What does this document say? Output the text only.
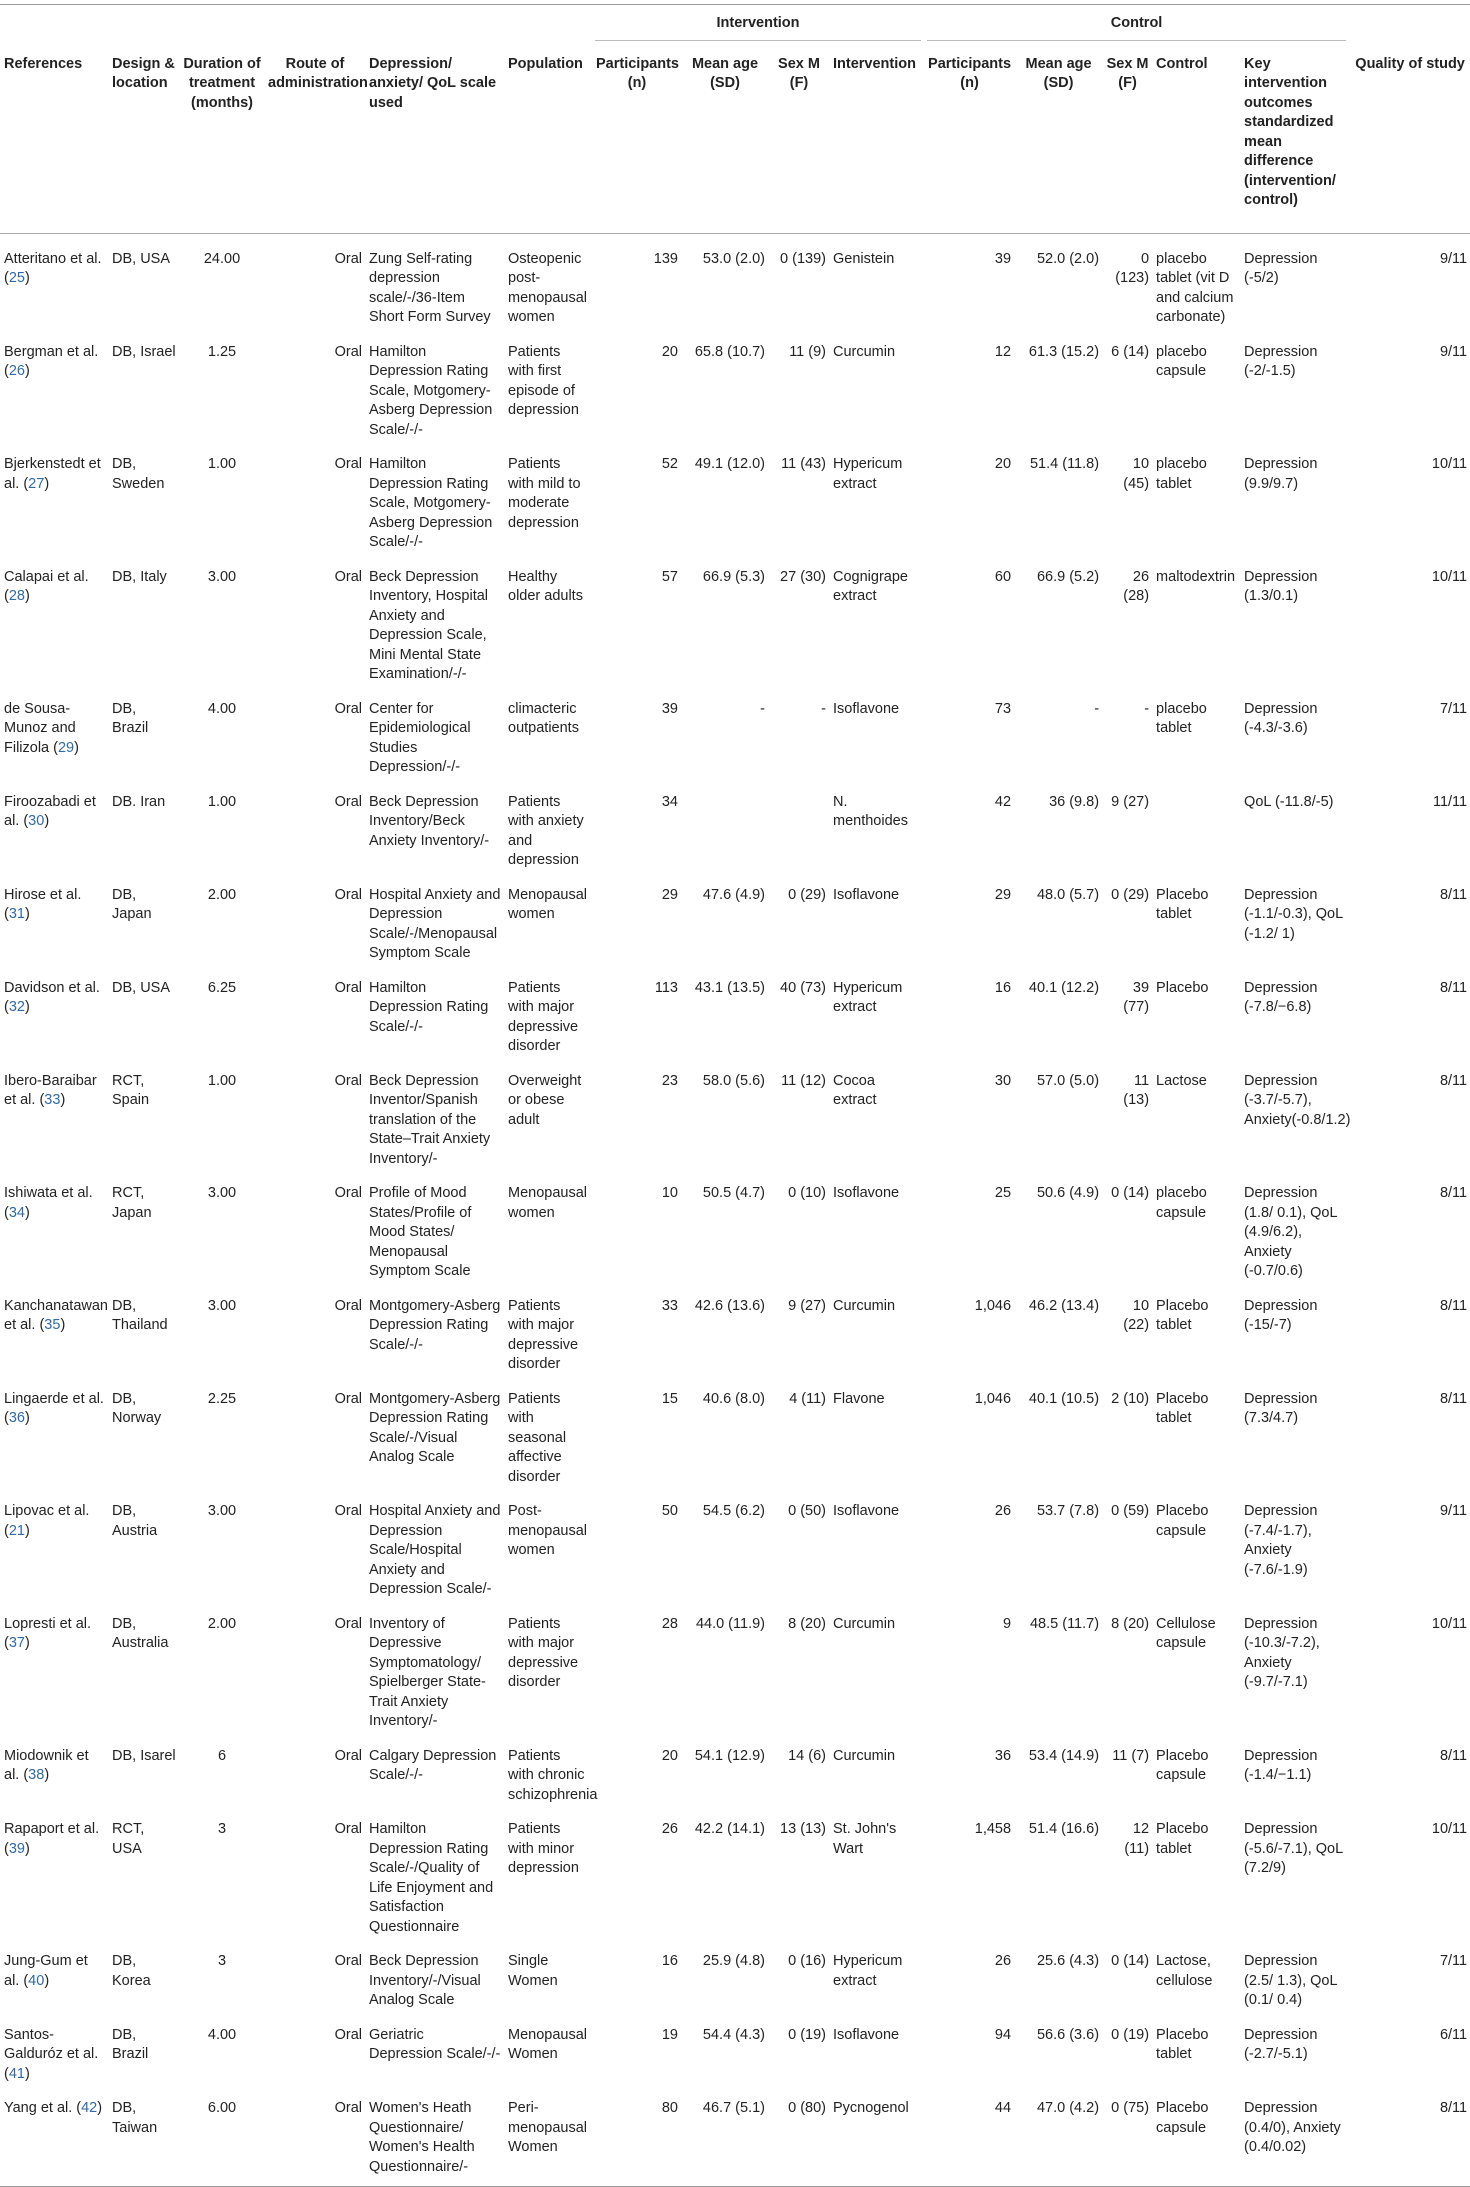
						Intervention				Control					

References	Design & location	Duration of treatment (months)	Route of administration	Depression/ anxiety/ QoL scale used	Population	Participants (n)	Mean age (SD)	Sex M (F)	Intervention	Participants (n)	Mean age (SD)	Sex M (F)	Control	Key intervention outcomes standardized mean difference (intervention/ control)	Quality of study
Atteritano et al. (25)	DB, USA	24.00	Oral	Zung Self-rating depression scale/-/36-Item Short Form Survey	Osteopenic post-menopausal women	139	53.0 (2.0)	0 (139)	Genistein	39	52.0 (2.0)	0 (123)	placebo tablet (vit D and calcium carbonate)	Depression (-5/2)	9/11
Bergman et al. (26)	DB, Israel	1.25	Oral	Hamilton Depression Rating Scale, Motgomery-Asberg Depression Scale/-/-	Patients with first episode of depression	20	65.8 (10.7)	11 (9)	Curcumin	12	61.3 (15.2)	6 (14)	placebo capsule	Depression (-2/-1.5)	9/11
Bjerkenstedt et al. (27)	DB, Sweden	1.00	Oral	Hamilton Depression Rating Scale, Motgomery-Asberg Depression Scale/-/-	Patients with mild to moderate depression	52	49.1 (12.0)	11 (43)	Hypericum extract	20	51.4 (11.8)	10 (45)	placebo tablet	Depression (9.9/9.7)	10/11
Calapai et al. (28)	DB, Italy	3.00	Oral	Beck Depression Inventory, Hospital Anxiety and Depression Scale, Mini Mental State Examination/-/-	Healthy older adults	57	66.9 (5.3)	27 (30)	Cognigrape extract	60	66.9 (5.2)	26 (28)	maltodextrin	Depression (1.3/0.1)	10/11
de Sousa-Munoz and Filizola (29)	DB, Brazil	4.00	Oral	Center for Epidemiological Studies Depression/-/-	climacteric outpatients	39	-	-	Isoflavone	73	-	-	placebo tablet	Depression (-4.3/-3.6)	7/11
Firoozabadi et al. (30)	DB. Iran	1.00	Oral	Beck Depression Inventory/Beck Anxiety Inventory/-	Patients with anxiety and depression	34			N. menthoides	42	36 (9.8)	9 (27)		QoL (-11.8/-5)	11/11
Hirose et al. (31)	DB, Japan	2.00	Oral	Hospital Anxiety and Depression Scale/-/Menopausal Symptom Scale	Menopausal women	29	47.6 (4.9)	0 (29)	Isoflavone	29	48.0 (5.7)	0 (29)	Placebo tablet	Depression (-1.1/-0.3), QoL (-1.2/ 1)	8/11
Davidson et al. (32)	DB, USA	6.25	Oral	Hamilton Depression Rating Scale/-/-	Patients with major depressive disorder	113	43.1 (13.5)	40 (73)	Hypericum extract	16	40.1 (12.2)	39 (77)	Placebo	Depression (-7.8/−6.8)	8/11
Ibero-Baraibar et al. (33)	RCT, Spain	1.00	Oral	Beck Depression Inventor/Spanish translation of the State–Trait Anxiety Inventory/-	Overweight or obese adult	23	58.0 (5.6)	11 (12)	Cocoa extract	30	57.0 (5.0)	11 (13)	Lactose	Depression (-3.7/-5.7), Anxiety(-0.8/1.2)	8/11
Ishiwata et al. (34)	RCT, Japan	3.00	Oral	Profile of Mood States/Profile of Mood States/ Menopausal Symptom Scale	Menopausal women	10	50.5 (4.7)	0 (10)	Isoflavone	25	50.6 (4.9)	0 (14)	placebo capsule	Depression (1.8/ 0.1), QoL (4.9/6.2), Anxiety (-0.7/0.6)	8/11
Kanchanatawan et al. (35)	DB, Thailand	3.00	Oral	Montgomery-Asberg Depression Rating Scale/-/-	Patients with major depressive disorder	33	42.6 (13.6)	9 (27)	Curcumin	1,046	46.2 (13.4)	10 (22)	Placebo tablet	Depression (-15/-7)	8/11
Lingaerde et al. (36)	DB, Norway	2.25	Oral	Montgomery-Asberg Depression Rating Scale/-/Visual Analog Scale	Patients with seasonal affective disorder	15	40.6 (8.0)	4 (11)	Flavone	1,046	40.1 (10.5)	2 (10)	Placebo tablet	Depression (7.3/4.7)	8/11
Lipovac et al. (21)	DB, Austria	3.00	Oral	Hospital Anxiety and Depression Scale/Hospital Anxiety and Depression Scale/-	Post-menopausal women	50	54.5 (6.2)	0 (50)	Isoflavone	26	53.7 (7.8)	0 (59)	Placebo capsule	Depression (-7.4/-1.7), Anxiety (-7.6/-1.9)	9/11
Lopresti et al. (37)	DB, Australia	2.00	Oral	Inventory of Depressive Symptomatology/ Spielberger State-Trait Anxiety Inventory/-	Patients with major depressive disorder	28	44.0 (11.9)	8 (20)	Curcumin	9	48.5 (11.7)	8 (20)	Cellulose capsule	Depression (-10.3/-7.2), Anxiety (-9.7/-7.1)	10/11
Miodownik et al. (38)	DB, Isarel	6	Oral	Calgary Depression Scale/-/-	Patients with chronic schizophrenia	20	54.1 (12.9)	14 (6)	Curcumin	36	53.4 (14.9)	11 (7)	Placebo capsule	Depression (-1.4/−1.1)	8/11
Rapaport et al. (39)	RCT, USA	3	Oral	Hamilton Depression Rating Scale/-/Quality of Life Enjoyment and Satisfaction Questionnaire	Patients with minor depression	26	42.2 (14.1)	13 (13)	St. John's Wart	1,458	51.4 (16.6)	12 (11)	Placebo tablet	Depression (-5.6/-7.1), QoL (7.2/9)	10/11
Jung-Gum et al. (40)	DB, Korea	3	Oral	Beck Depression Inventory/-/Visual Analog Scale	Single Women	16	25.9 (4.8)	0 (16)	Hypericum extract	26	25.6 (4.3)	0 (14)	Lactose, cellulose	Depression (2.5/ 1.3), QoL (0.1/ 0.4)	7/11
Santos-Galduróz et al. (41)	DB, Brazil	4.00	Oral	Geriatric Depression Scale/-/-	Menopausal Women	19	54.4 (4.3)	0 (19)	Isoflavone	94	56.6 (3.6)	0 (19)	Placebo tablet	Depression (-2.7/-5.1)	6/11
Yang et al. (42)	DB, Taiwan	6.00	Oral	Women's Heath Questionnaire/ Women's Health Questionnaire/-	Peri-menopausal Women	80	46.7 (5.1)	0 (80)	Pycnogenol	44	47.0 (4.2)	0 (75)	Placebo capsule	Depression (0.4/0), Anxiety (0.4/0.02)	8/11
